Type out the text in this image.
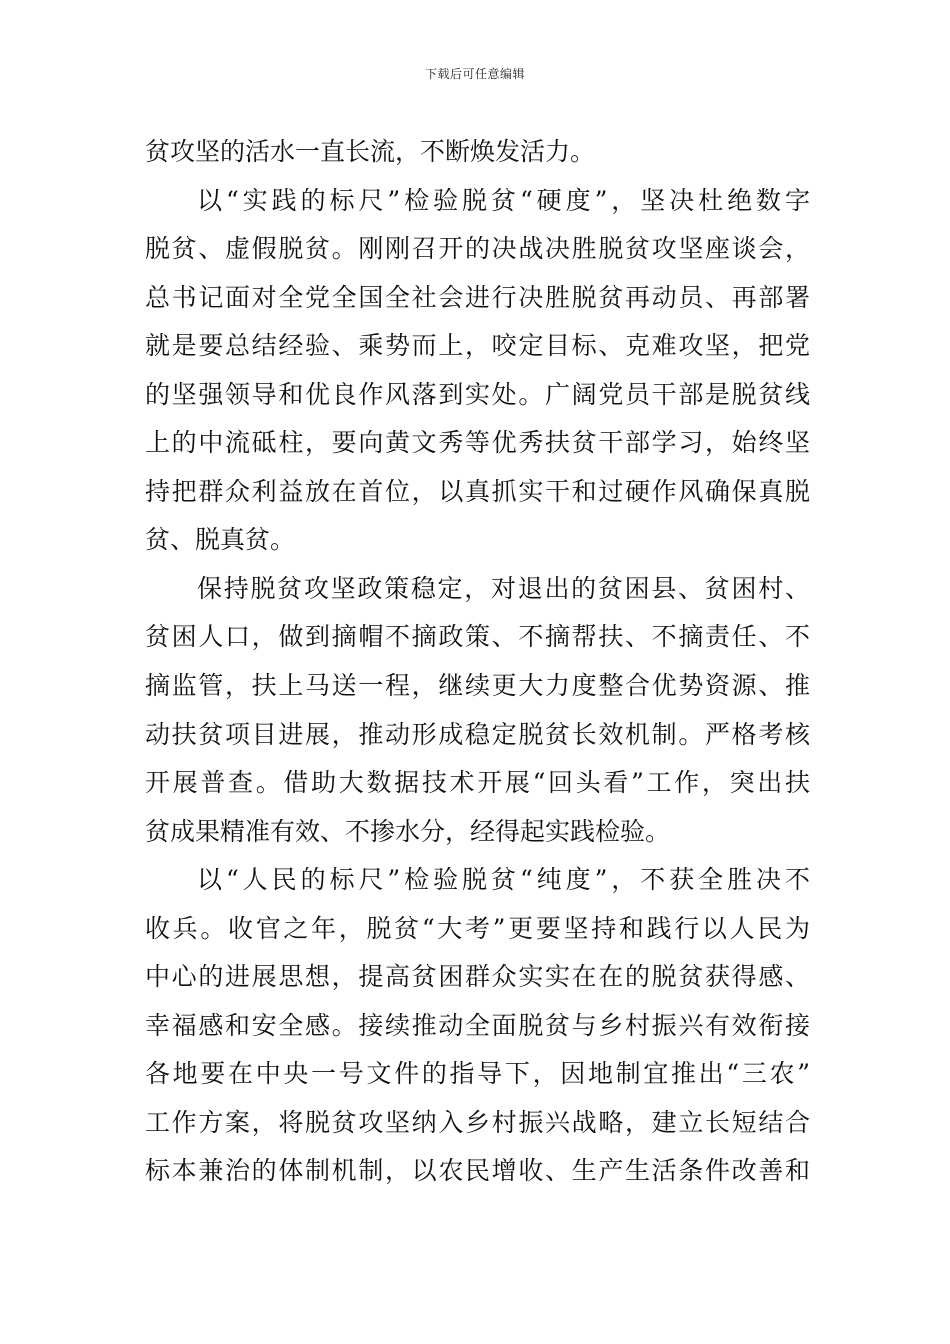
下载后可任意编辑
贫攻坚的活水一直长流，不断焕发活力。
以“实践的标尺”检验脱贫“硬度”，坚决杜绝数字
脱贫、虚假脱贫。刚刚召开的决战决胜脱贫攻坚座谈会，
总书记面对全党全国全社会进行决胜脱贫再动员、再部署
就是要总结经验、乘势而上，咬定目标、克难攻坚，把党
的坚强领导和优良作风落到实处。广阔党员干部是脱贫线
上的中流砥柱，要向黄文秀等优秀扶贫干部学习，始终坚
持把群众利益放在首位，以真抓实干和过硬作风确保真脱
贫、脱真贫。
保持脱贫攻坚政策稳定，对退出的贫困县、贫困村、
贫困人口，做到摘帽不摘政策、不摘帮扶、不摘责任、不
摘监管，扶上马送一程，继续更大力度整合优势资源、推
动扶贫项目进展，推动形成稳定脱贫长效机制。严格考核
开展普查。借助大数据技术开展“回头看”工作，突出扶
贫成果精准有效、不掺水分，经得起实践检验。
以“人民的标尺”检验脱贫“纯度”，不获全胜决不
收兵。收官之年，脱贫“大考”更要坚持和践行以人民为
中心的进展思想，提高贫困群众实实在在的脱贫获得感、
幸福感和安全感。接续推动全面脱贫与乡村振兴有效衔接
各地要在中央一号文件的指导下，因地制宜推出“三农”
工作方案，将脱贫攻坚纳入乡村振兴战略，建立长短结合
标本兼治的体制机制，以农民增收、生产生活条件改善和
